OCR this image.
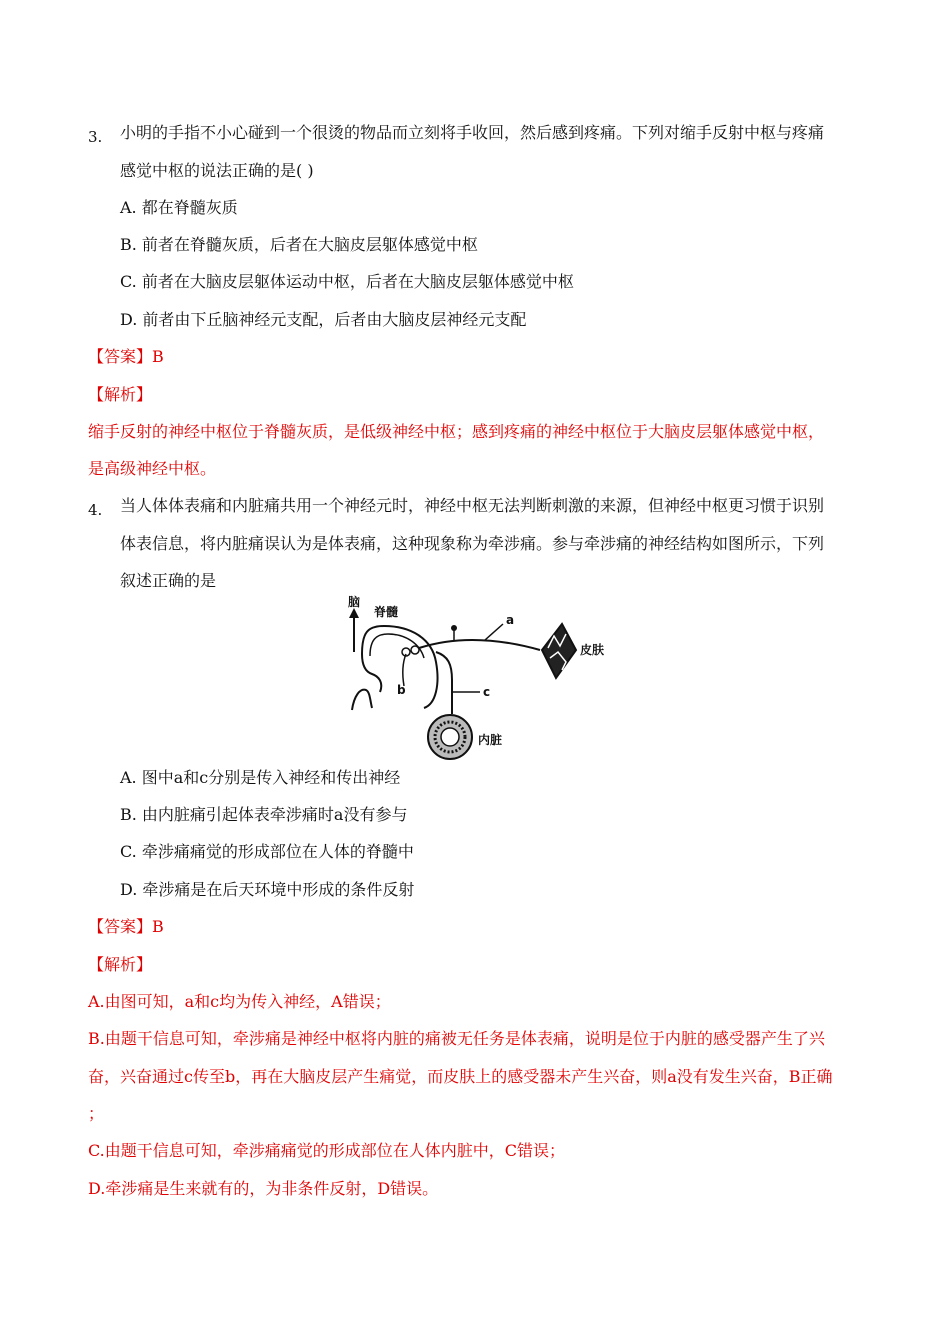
3. 小明的手指不小心碰到一个很烫的物品而立刻将手收回，然后感到疼痛。下列对缩手反射中枢与疼痛
感觉中枢的说法正确的是( )
A. 都在脊髓灰质
B. 前者在脊髓灰质，后者在大脑皮层躯体感觉中枢
C. 前者在大脑皮层躯体运动中枢，后者在大脑皮层躯体感觉中枢
D. 前者由下丘脑神经元支配，后者由大脑皮层神经元支配
【答案】B
【解析】
缩手反射的神经中枢位于脊髓灰质，是低级神经中枢；感到疼痛的神经中枢位于大脑皮层躯体感觉中枢，
是高级神经中枢。
4. 当人体体表痛和内脏痛共用一个神经元时，神经中枢无法判断刺激的来源，但神经中枢更习惯于识别
体表信息，将内脏痛误认为是体表痛，这种现象称为牵涉痛。参与牵涉痛的神经结构如图所示，下列
叙述正确的是
脑
脊髓
b
a
皮肤
c
内脏
A. 图中a和c分别是传入神经和传出神经
B. 由内脏痛引起体表牵涉痛时a没有参与
C. 牵涉痛痛觉的形成部位在人体的脊髓中
D. 牵涉痛是在后天环境中形成的条件反射
【答案】B
【解析】
A.由图可知，a和c均为传入神经，A错误；
B.由题干信息可知，牵涉痛是神经中枢将内脏的痛被无任务是体表痛，说明是位于内脏的感受器产生了兴
奋，兴奋通过c传至b，再在大脑皮层产生痛觉，而皮肤上的感受器未产生兴奋，则a没有发生兴奋，B正确
；
C.由题干信息可知，牵涉痛痛觉的形成部位在人体内脏中，C错误；
D.牵涉痛是生来就有的，为非条件反射，D错误。
